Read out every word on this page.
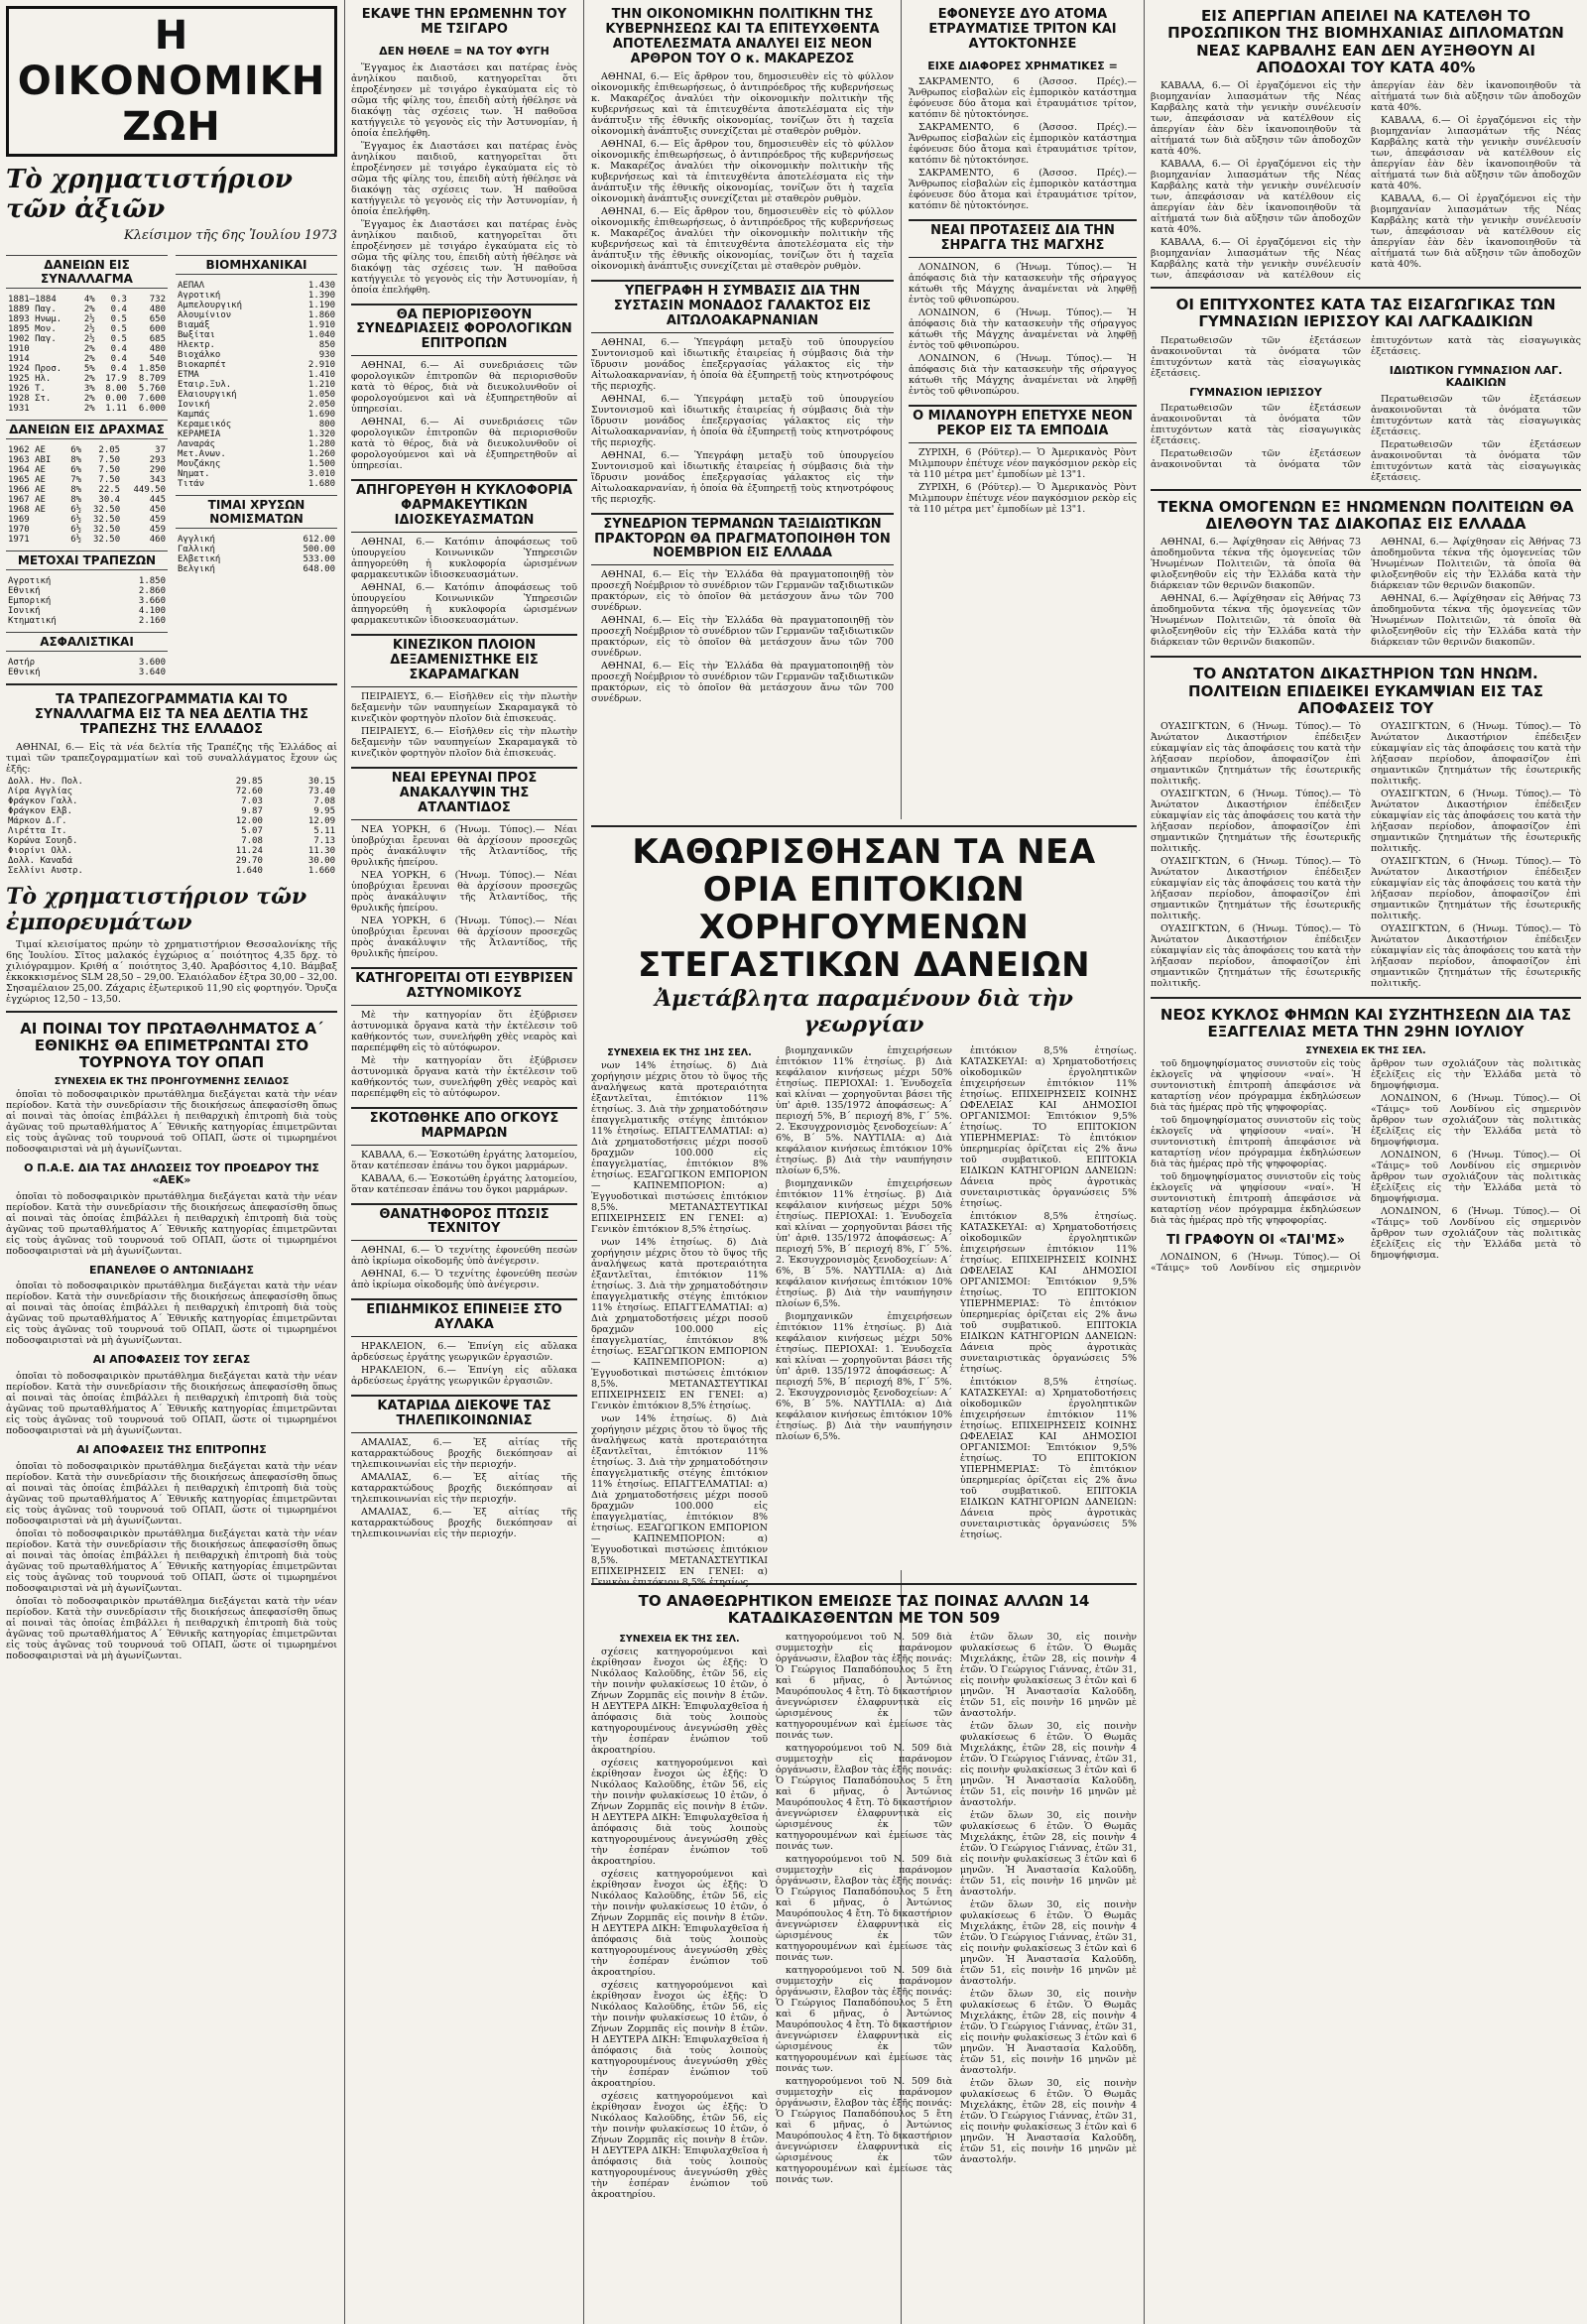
Η ΟΙΚΟΝΟΜΙΚΗ ΖΩΗ
Τὸ χρηματιστήριον τῶν ἀξιῶν
Κλείσιμον τῆς 6ης Ἰουλίου 1973
ΔΑΝΕΙΩΝ ΕΙΣ ΣΥΝΑΛΛΑΓΜΑ
1881—1884	4%	0.3	732
1889 Παγ.	2%	0.4	480
1893 Ηνωμ.	2½	0.5	650
1895 Μον.	2½	0.5	600
1902 Παγ.	2½	0.5	685
1910	2%	0.4	480
1914	2%	0.4	540
1924 Προσ.	5%	0.4	1.850
1925 Ηλ.	2%	17.9	8.709
1926 Τ.	3%	8.00	5.760
1928 Στ.	2%	0.00	7.600
1931	2%	1.11	6.000
ΔΑΝΕΙΩΝ ΕΙΣ ΔΡΑΧΜΑΣ
1962 ΑΕ	6%	2.05	37
1963 ΑΒΙ	8%	7.50	293
1964 ΑΕ	6%	7.50	290
1965 ΑΕ	7%	7.50	343
1966 ΑΕ	8%	22.5	449.50
1967 ΑΕ	8%	30.4	445
1968 ΑΕ	6½	32.50	450
1969	6½	32.50	459
1970	6½	32.50	459
1971	6½	32.50	460
ΜΕΤΟΧΑΙ ΤΡΑΠΕΖΩΝ
Αγροτική	1.850
Εθνική	2.860
Εμπορική	3.660
Ιονική	4.100
Κτηματική	2.160
ΑΣΦΑΛΙΣΤΙΚΑΙ
Αστήρ	3.600
Εθνική	3.640
ΒΙΟΜΗΧΑΝΙΚΑΙ
ΑΕΠΑΛ	1.430
Αγροτική	1.390
Αμπελουργική	1.190
Αλουμίνιον	1.860
Βιαμάξ	1.910
Βωξίται	1.040
Ηλεκτρ.	850
Βιοχάλκο	930
Βιοκαρπέτ	2.910
ΕΤΜΑ	1.410
Εταιρ.Ξυλ.	1.210
Ελαιουργική	1.050
Ιονική	2.050
Καμπάς	1.690
Κεραμεικός	800
ΚΕΡΑΜΕΙΑ	1.320
Λαναράς	1.280
Μετ.Ανων.	1.260
Μουζάκης	1.500
Νηματ.	3.010
Τιτάν	1.680
ΤΙΜΑΙ ΧΡΥΣΩΝ ΝΟΜΙΣΜΑΤΩΝ
Αγγλική	612.00
Γαλλική	500.00
Ελβετική	533.00
Βελγική	648.00
ΤΑ ΤΡΑΠΕΖΟΓΡΑΜΜΑΤΙΑ ΚΑΙ ΤΟ ΣΥΝΑΛΛΑΓΜΑ ΕΙΣ ΤΑ ΝΕΑ ΔΕΛΤΙΑ ΤΗΣ ΤΡΑΠΕΖΗΣ ΤΗΣ ΕΛΛΑΔΟΣ

ΑΘΗΝΑΙ, 6.— Εἰς τὰ νέα δελτία τῆς Τραπέζης τῆς Ἑλλάδος αἱ τιμαὶ τῶν τραπεζογραμματίων καὶ τοῦ συναλλάγματος ἔχουν ὡς ἑξῆς:

Δολλ. Ην. Πολ.	29.85	30.15
Λίρα Αγγλίας	72.60	73.40
Φράγκον Γαλλ.	7.03	7.08
Φράγκον Ελβ.	9.87	9.95
Μάρκον Δ.Γ.	12.00	12.09
Λιρέττα Ιτ.	5.07	5.11
Κορώνα Σουηδ.	7.08	7.13
Φιορίνι Ολλ.	11.24	11.30
Δολλ. Καναδά	29.70	30.00
Σελλίνι Αυστρ.	1.640	1.660
Τὸ χρηματιστήριον τῶν ἐμπορευμάτων

Τιμαί κλεισίματος πρώην τὸ χρηματιστήριον Θεσσαλονίκης τῆς 6ης Ἰουλίου. Σῖτος μαλακός ἐγχώριος α΄ ποιότητος 4,35 δρχ. τὸ χιλιόγραμμον. Κριθή α΄ ποιότητος 3,40. Ἀραβόσιτος 4,10. Βάμβαξ ἐκκοκκισμένος SLM 28,50 – 29,00. Ἐλαιόλαδον ἐξτρα 30,00 – 32,00. Σησαμέλαιον 25,00. Ζάχαρις ἐξωτερικοῦ 11,90 εἰς φορτηγόν. Ὄρυζα ἐγχώριος 12,50 – 13,50.

ΑΙ ΠΟΙΝΑΙ ΤΟΥ ΠΡΩΤΑΘΛΗΜΑΤΟΣ Α΄ ΕΘΝΙΚΗΣ ΘΑ ΕΠΙΜΕΤΡΩΝΤΑΙ ΣΤΟ ΤΟΥΡΝΟΥΑ ΤΟΥ ΟΠΑΠ
ΣΥΝΕΧΕΙΑ ΕΚ ΤΗΣ ΠΡΟΗΓΟΥΜΕΝΗΣ ΣΕΛΙΔΟΣ

ὁποῖαι τὸ ποδοσφαιρικὸν πρωτάθλημα διεξάγεται κατὰ τὴν νέαν περίοδον. Κατὰ τὴν συνεδρίασιν τῆς διοικήσεως ἀπεφασίσθη ὅπως αἱ ποιναὶ τὰς ὁποίας ἐπιβάλλει ἡ πειθαρχικὴ ἐπιτροπὴ διὰ τοὺς ἀγῶνας τοῦ πρωταθλήματος Α΄ Ἐθνικῆς κατηγορίας ἐπιμετρῶνται εἰς τοὺς ἀγῶνας τοῦ τουρνουά τοῦ ΟΠΑΠ, ὥστε οἱ τιμωρημένοι ποδοσφαιρισταὶ νὰ μὴ ἀγωνίζωνται.

Ο Π.Α.Ε. ΔΙΑ ΤΑΣ ΔΗΛΩΣΕΙΣ ΤΟΥ ΠΡΟΕΔΡΟΥ ΤΗΣ «ΑΕΚ»

ὁποῖαι τὸ ποδοσφαιρικὸν πρωτάθλημα διεξάγεται κατὰ τὴν νέαν περίοδον. Κατὰ τὴν συνεδρίασιν τῆς διοικήσεως ἀπεφασίσθη ὅπως αἱ ποιναὶ τὰς ὁποίας ἐπιβάλλει ἡ πειθαρχικὴ ἐπιτροπὴ διὰ τοὺς ἀγῶνας τοῦ πρωταθλήματος Α΄ Ἐθνικῆς κατηγορίας ἐπιμετρῶνται εἰς τοὺς ἀγῶνας τοῦ τουρνουά τοῦ ΟΠΑΠ, ὥστε οἱ τιμωρημένοι ποδοσφαιρισταὶ νὰ μὴ ἀγωνίζωνται.

ΕΠΑΝΕΛΘΕ Ο ΑΝΤΩΝΙΑΔΗΣ

ὁποῖαι τὸ ποδοσφαιρικὸν πρωτάθλημα διεξάγεται κατὰ τὴν νέαν περίοδον. Κατὰ τὴν συνεδρίασιν τῆς διοικήσεως ἀπεφασίσθη ὅπως αἱ ποιναὶ τὰς ὁποίας ἐπιβάλλει ἡ πειθαρχικὴ ἐπιτροπὴ διὰ τοὺς ἀγῶνας τοῦ πρωταθλήματος Α΄ Ἐθνικῆς κατηγορίας ἐπιμετρῶνται εἰς τοὺς ἀγῶνας τοῦ τουρνουά τοῦ ΟΠΑΠ, ὥστε οἱ τιμωρημένοι ποδοσφαιρισταὶ νὰ μὴ ἀγωνίζωνται.

ΑΙ ΑΠΟΦΑΣΕΙΣ ΤΟΥ ΣΕΓΑΣ

ὁποῖαι τὸ ποδοσφαιρικὸν πρωτάθλημα διεξάγεται κατὰ τὴν νέαν περίοδον. Κατὰ τὴν συνεδρίασιν τῆς διοικήσεως ἀπεφασίσθη ὅπως αἱ ποιναὶ τὰς ὁποίας ἐπιβάλλει ἡ πειθαρχικὴ ἐπιτροπὴ διὰ τοὺς ἀγῶνας τοῦ πρωταθλήματος Α΄ Ἐθνικῆς κατηγορίας ἐπιμετρῶνται εἰς τοὺς ἀγῶνας τοῦ τουρνουά τοῦ ΟΠΑΠ, ὥστε οἱ τιμωρημένοι ποδοσφαιρισταὶ νὰ μὴ ἀγωνίζωνται.

ΑΙ ΑΠΟΦΑΣΕΙΣ ΤΗΣ ΕΠΙΤΡΟΠΗΣ

ὁποῖαι τὸ ποδοσφαιρικὸν πρωτάθλημα διεξάγεται κατὰ τὴν νέαν περίοδον. Κατὰ τὴν συνεδρίασιν τῆς διοικήσεως ἀπεφασίσθη ὅπως αἱ ποιναὶ τὰς ὁποίας ἐπιβάλλει ἡ πειθαρχικὴ ἐπιτροπὴ διὰ τοὺς ἀγῶνας τοῦ πρωταθλήματος Α΄ Ἐθνικῆς κατηγορίας ἐπιμετρῶνται εἰς τοὺς ἀγῶνας τοῦ τουρνουά τοῦ ΟΠΑΠ, ὥστε οἱ τιμωρημένοι ποδοσφαιρισταὶ νὰ μὴ ἀγωνίζωνται.

ὁποῖαι τὸ ποδοσφαιρικὸν πρωτάθλημα διεξάγεται κατὰ τὴν νέαν περίοδον. Κατὰ τὴν συνεδρίασιν τῆς διοικήσεως ἀπεφασίσθη ὅπως αἱ ποιναὶ τὰς ὁποίας ἐπιβάλλει ἡ πειθαρχικὴ ἐπιτροπὴ διὰ τοὺς ἀγῶνας τοῦ πρωταθλήματος Α΄ Ἐθνικῆς κατηγορίας ἐπιμετρῶνται εἰς τοὺς ἀγῶνας τοῦ τουρνουά τοῦ ΟΠΑΠ, ὥστε οἱ τιμωρημένοι ποδοσφαιρισταὶ νὰ μὴ ἀγωνίζωνται.

ὁποῖαι τὸ ποδοσφαιρικὸν πρωτάθλημα διεξάγεται κατὰ τὴν νέαν περίοδον. Κατὰ τὴν συνεδρίασιν τῆς διοικήσεως ἀπεφασίσθη ὅπως αἱ ποιναὶ τὰς ὁποίας ἐπιβάλλει ἡ πειθαρχικὴ ἐπιτροπὴ διὰ τοὺς ἀγῶνας τοῦ πρωταθλήματος Α΄ Ἐθνικῆς κατηγορίας ἐπιμετρῶνται εἰς τοὺς ἀγῶνας τοῦ τουρνουά τοῦ ΟΠΑΠ, ὥστε οἱ τιμωρημένοι ποδοσφαιρισταὶ νὰ μὴ ἀγωνίζωνται.

ΕΚΑΨΕ ΤΗΝ ΕΡΩΜΕΝΗΝ ΤΟΥ ΜΕ ΤΣΙΓΑΡΟ
ΔΕΝ ΗΘΕΛΕ = ΝΑ ΤΟΥ ΦΥΓΗ

Ἕγγαμος ἐκ Διαστάσει και πατέρας ἑνὸς ἀνηλίκου παιδιοῦ, κατηγορεῖται ὅτι ἐπροξένησεν μὲ τσιγάρο ἐγκαύματα εἰς τὸ σῶμα τῆς φίλης του, ἐπειδὴ αὐτὴ ἠθέλησε νὰ διακόψῃ τὰς σχέσεις των. Ἡ παθοῦσα κατήγγειλε τὸ γεγονὸς εἰς τὴν Ἀστυνομίαν, ἡ ὁποία ἐπελήφθη.

Ἕγγαμος ἐκ Διαστάσει και πατέρας ἑνὸς ἀνηλίκου παιδιοῦ, κατηγορεῖται ὅτι ἐπροξένησεν μὲ τσιγάρο ἐγκαύματα εἰς τὸ σῶμα τῆς φίλης του, ἐπειδὴ αὐτὴ ἠθέλησε νὰ διακόψῃ τὰς σχέσεις των. Ἡ παθοῦσα κατήγγειλε τὸ γεγονὸς εἰς τὴν Ἀστυνομίαν, ἡ ὁποία ἐπελήφθη.

Ἕγγαμος ἐκ Διαστάσει και πατέρας ἑνὸς ἀνηλίκου παιδιοῦ, κατηγορεῖται ὅτι ἐπροξένησεν μὲ τσιγάρο ἐγκαύματα εἰς τὸ σῶμα τῆς φίλης του, ἐπειδὴ αὐτὴ ἠθέλησε νὰ διακόψῃ τὰς σχέσεις των. Ἡ παθοῦσα κατήγγειλε τὸ γεγονὸς εἰς τὴν Ἀστυνομίαν, ἡ ὁποία ἐπελήφθη.

ΘΑ ΠΕΡΙΟΡΙΣΘΟΥΝ ΣΥΝΕΔΡΙΑΣΕΙΣ ΦΟΡΟΛΟΓΙΚΩΝ ΕΠΙΤΡΟΠΩΝ

ΑΘΗΝΑΙ, 6.— Αἱ συνεδριάσεις τῶν φορολογικῶν ἐπιτροπῶν θὰ περιορισθοῦν κατὰ τὸ θέρος, διὰ νὰ διευκολυνθοῦν οἱ φορολογούμενοι καὶ νὰ ἐξυπηρετηθοῦν αἱ ὑπηρεσίαι.

ΑΘΗΝΑΙ, 6.— Αἱ συνεδριάσεις τῶν φορολογικῶν ἐπιτροπῶν θὰ περιορισθοῦν κατὰ τὸ θέρος, διὰ νὰ διευκολυνθοῦν οἱ φορολογούμενοι καὶ νὰ ἐξυπηρετηθοῦν αἱ ὑπηρεσίαι.

ΑΠΗΓΟΡΕΥΘΗ Η ΚΥΚΛΟΦΟΡΙΑ ΦΑΡΜΑΚΕΥΤΙΚΩΝ ΙΔΙΟΣΚΕΥΑΣΜΑΤΩΝ

ΑΘΗΝΑΙ, 6.— Κατόπιν ἀποφάσεως τοῦ ὑπουργείου Κοινωνικῶν Ὑπηρεσιῶν ἀπηγορεύθη ἡ κυκλοφορία ὡρισμένων φαρμακευτικῶν ἰδιοσκευασμάτων.

ΑΘΗΝΑΙ, 6.— Κατόπιν ἀποφάσεως τοῦ ὑπουργείου Κοινωνικῶν Ὑπηρεσιῶν ἀπηγορεύθη ἡ κυκλοφορία ὡρισμένων φαρμακευτικῶν ἰδιοσκευασμάτων.

ΚΙΝΕΖΙΚΟΝ ΠΛΟΙΟΝ ΔΕΞΑΜΕΝΙΣΤΗΚΕ ΕΙΣ ΣΚΑΡΑΜΑΓΚΑΝ

ΠΕΙΡΑΙΕΥΣ, 6.— Εἰσῆλθεν εἰς τὴν πλωτὴν δεξαμενὴν τῶν ναυπηγείων Σκαραμαγκᾶ τὸ κινεζικὸν φορτηγὸν πλοῖον διὰ ἐπισκευάς.

ΠΕΙΡΑΙΕΥΣ, 6.— Εἰσῆλθεν εἰς τὴν πλωτὴν δεξαμενὴν τῶν ναυπηγείων Σκαραμαγκᾶ τὸ κινεζικὸν φορτηγὸν πλοῖον διὰ ἐπισκευάς.

ΝΕΑΙ ΕΡΕΥΝΑΙ ΠΡΟΣ ΑΝΑΚΑΛΥΨΙΝ ΤΗΣ ΑΤΛΑΝΤΙΔΟΣ

ΝΕΑ ΥΟΡΚΗ, 6 (Ἠνωμ. Τύπος).— Νέαι ὑποβρύχιαι ἔρευναι θὰ ἀρχίσουν προσεχῶς πρὸς ἀνακάλυψιν τῆς Ἀτλαντίδος, τῆς θρυλικῆς ἠπείρου.

ΝΕΑ ΥΟΡΚΗ, 6 (Ἠνωμ. Τύπος).— Νέαι ὑποβρύχιαι ἔρευναι θὰ ἀρχίσουν προσεχῶς πρὸς ἀνακάλυψιν τῆς Ἀτλαντίδος, τῆς θρυλικῆς ἠπείρου.

ΝΕΑ ΥΟΡΚΗ, 6 (Ἠνωμ. Τύπος).— Νέαι ὑποβρύχιαι ἔρευναι θὰ ἀρχίσουν προσεχῶς πρὸς ἀνακάλυψιν τῆς Ἀτλαντίδος, τῆς θρυλικῆς ἠπείρου.

ΚΑΤΗΓΟΡΕΙΤΑΙ ΟΤΙ ΕΞΥΒΡΙΣΕΝ ΑΣΤΥΝΟΜΙΚΟΥΣ

Μὲ τὴν κατηγορίαν ὅτι ἐξύβρισεν ἀστυνομικὰ ὄργανα κατὰ τὴν ἐκτέλεσιν τοῦ καθήκοντός των, συνελήφθη χθὲς νεαρὸς καὶ παρεπέμφθη εἰς τὸ αὐτόφωρον.

Μὲ τὴν κατηγορίαν ὅτι ἐξύβρισεν ἀστυνομικὰ ὄργανα κατὰ τὴν ἐκτέλεσιν τοῦ καθήκοντός των, συνελήφθη χθὲς νεαρὸς καὶ παρεπέμφθη εἰς τὸ αὐτόφωρον.

ΣΚΟΤΩΘΗΚΕ ΑΠΟ ΟΓΚΟΥΣ ΜΑΡΜΑΡΩΝ

ΚΑΒΑΛΑ, 6.— Ἐσκοτώθη ἐργάτης λατομείου, ὅταν κατέπεσαν ἐπάνω του ὄγκοι μαρμάρων.

ΚΑΒΑΛΑ, 6.— Ἐσκοτώθη ἐργάτης λατομείου, ὅταν κατέπεσαν ἐπάνω του ὄγκοι μαρμάρων.

ΘΑΝΑΤΗΦΟΡΟΣ ΠΤΩΣΙΣ ΤΕΧΝΙΤΟΥ

ΑΘΗΝΑΙ, 6.— Ὁ τεχνίτης ἐφονεύθη πεσὼν ἀπὸ ἰκρίωμα οἰκοδομῆς ὑπὸ ἀνέγερσιν.

ΑΘΗΝΑΙ, 6.— Ὁ τεχνίτης ἐφονεύθη πεσὼν ἀπὸ ἰκρίωμα οἰκοδομῆς ὑπὸ ἀνέγερσιν.

ΕΠΙΔΗΜΙΚΟΣ ΕΠΙΝΕΙΞΕ ΣΤΟ ΑΥΛΑΚΑ

ΗΡΑΚΛΕΙΟΝ, 6.— Ἐπνίγη εἰς αὔλακα ἀρδεύσεως ἐργάτης γεωργικῶν ἐργασιῶν.

ΗΡΑΚΛΕΙΟΝ, 6.— Ἐπνίγη εἰς αὔλακα ἀρδεύσεως ἐργάτης γεωργικῶν ἐργασιῶν.

ΚΑΤΑΡΙΔΑ ΔΙΕΚΟΨΕ ΤΑΣ ΤΗΛΕΠΙΚΟΙΝΩΝΙΑΣ

ΑΜΑΛΙΑΣ, 6.— Ἐξ αἰτίας τῆς καταρρακτώδους βροχῆς διεκόπησαν αἱ τηλεπικοινωνίαι εἰς τὴν περιοχήν.

ΑΜΑΛΙΑΣ, 6.— Ἐξ αἰτίας τῆς καταρρακτώδους βροχῆς διεκόπησαν αἱ τηλεπικοινωνίαι εἰς τὴν περιοχήν.

ΑΜΑΛΙΑΣ, 6.— Ἐξ αἰτίας τῆς καταρρακτώδους βροχῆς διεκόπησαν αἱ τηλεπικοινωνίαι εἰς τὴν περιοχήν.

ΤΗΝ ΟΙΚΟΝΟΜΙΚΗΝ ΠΟΛΙΤΙΚΗΝ ΤΗΣ ΚΥΒΕΡΝΗΣΕΩΣ ΚΑΙ ΤΑ ΕΠΙΤΕΥΧΘΕΝΤΑ ΑΠΟΤΕΛΕΣΜΑΤΑ ΑΝΑΛΥΕΙ ΕΙΣ ΝΕΟΝ ΑΡΘΡΟΝ ΤΟΥ Ο κ. ΜΑΚΑΡΕΖΟΣ

ΑΘΗΝΑΙ, 6.— Εἰς ἄρθρον του, δημοσιευθὲν εἰς τὸ φύλλον οἰκονομικῆς ἐπιθεωρήσεως, ὁ ἀντιπρόεδρος τῆς κυβερνήσεως κ. Μακαρέζος ἀναλύει τὴν οἰκονομικὴν πολιτικὴν τῆς κυβερνήσεως καὶ τὰ ἐπιτευχθέντα ἀποτελέσματα εἰς τὴν ἀνάπτυξιν τῆς ἐθνικῆς οἰκονομίας, τονίζων ὅτι ἡ ταχεῖα οἰκονομικὴ ἀνάπτυξις συνεχίζεται μὲ σταθερὸν ρυθμὸν.

ΑΘΗΝΑΙ, 6.— Εἰς ἄρθρον του, δημοσιευθὲν εἰς τὸ φύλλον οἰκονομικῆς ἐπιθεωρήσεως, ὁ ἀντιπρόεδρος τῆς κυβερνήσεως κ. Μακαρέζος ἀναλύει τὴν οἰκονομικὴν πολιτικὴν τῆς κυβερνήσεως καὶ τὰ ἐπιτευχθέντα ἀποτελέσματα εἰς τὴν ἀνάπτυξιν τῆς ἐθνικῆς οἰκονομίας, τονίζων ὅτι ἡ ταχεῖα οἰκονομικὴ ἀνάπτυξις συνεχίζεται μὲ σταθερὸν ρυθμὸν.

ΑΘΗΝΑΙ, 6.— Εἰς ἄρθρον του, δημοσιευθὲν εἰς τὸ φύλλον οἰκονομικῆς ἐπιθεωρήσεως, ὁ ἀντιπρόεδρος τῆς κυβερνήσεως κ. Μακαρέζος ἀναλύει τὴν οἰκονομικὴν πολιτικὴν τῆς κυβερνήσεως καὶ τὰ ἐπιτευχθέντα ἀποτελέσματα εἰς τὴν ἀνάπτυξιν τῆς ἐθνικῆς οἰκονομίας, τονίζων ὅτι ἡ ταχεῖα οἰκονομικὴ ἀνάπτυξις συνεχίζεται μὲ σταθερὸν ρυθμὸν.

ΥΠΕΓΡΑΦΗ Η ΣΥΜΒΑΣΙΣ ΔΙΑ ΤΗΝ ΣΥΣΤΑΣΙΝ ΜΟΝΑΔΟΣ ΓΑΛΑΚΤΟΣ ΕΙΣ ΑΙΤΩΛΟΑΚΑΡΝΑΝΙΑΝ

ΑΘΗΝΑΙ, 6.— Ὑπεγράφη μεταξὺ τοῦ ὑπουργείου Συντονισμοῦ καὶ ἰδιωτικῆς ἑταιρείας ἡ σύμβασις διὰ τὴν ἵδρυσιν μονάδος ἐπεξεργασίας γάλακτος εἰς τὴν Αἰτωλοακαρνανίαν, ἡ ὁποία θὰ ἐξυπηρετῇ τοὺς κτηνοτρόφους τῆς περιοχῆς.

ΑΘΗΝΑΙ, 6.— Ὑπεγράφη μεταξὺ τοῦ ὑπουργείου Συντονισμοῦ καὶ ἰδιωτικῆς ἑταιρείας ἡ σύμβασις διὰ τὴν ἵδρυσιν μονάδος ἐπεξεργασίας γάλακτος εἰς τὴν Αἰτωλοακαρνανίαν, ἡ ὁποία θὰ ἐξυπηρετῇ τοὺς κτηνοτρόφους τῆς περιοχῆς.

ΑΘΗΝΑΙ, 6.— Ὑπεγράφη μεταξὺ τοῦ ὑπουργείου Συντονισμοῦ καὶ ἰδιωτικῆς ἑταιρείας ἡ σύμβασις διὰ τὴν ἵδρυσιν μονάδος ἐπεξεργασίας γάλακτος εἰς τὴν Αἰτωλοακαρνανίαν, ἡ ὁποία θὰ ἐξυπηρετῇ τοὺς κτηνοτρόφους τῆς περιοχῆς.

ΣΥΝΕΔΡΙΟΝ ΤΕΡΜΑΝΩΝ ΤΑΞΙΔΙΩΤΙΚΩΝ ΠΡΑΚΤΟΡΩΝ ΘΑ ΠΡΑΓΜΑΤΟΠΟΙΗΘΗ ΤΟΝ ΝΟΕΜΒΡΙΟΝ ΕΙΣ ΕΛΛΑΔΑ

ΑΘΗΝΑΙ, 6.— Εἰς τὴν Ἑλλάδα θὰ πραγματοποιηθῇ τὸν προσεχῆ Νοέμβριον τὸ συνέδριον τῶν Γερμανῶν ταξιδιωτικῶν πρακτόρων, εἰς τὸ ὁποῖον θὰ μετάσχουν ἄνω τῶν 700 συνέδρων.

ΑΘΗΝΑΙ, 6.— Εἰς τὴν Ἑλλάδα θὰ πραγματοποιηθῇ τὸν προσεχῆ Νοέμβριον τὸ συνέδριον τῶν Γερμανῶν ταξιδιωτικῶν πρακτόρων, εἰς τὸ ὁποῖον θὰ μετάσχουν ἄνω τῶν 700 συνέδρων.

ΑΘΗΝΑΙ, 6.— Εἰς τὴν Ἑλλάδα θὰ πραγματοποιηθῇ τὸν προσεχῆ Νοέμβριον τὸ συνέδριον τῶν Γερμανῶν ταξιδιωτικῶν πρακτόρων, εἰς τὸ ὁποῖον θὰ μετάσχουν ἄνω τῶν 700 συνέδρων.

ΕΦΟΝΕΥΣΕ ΔΥΟ ΑΤΟΜΑ ΕΤΡΑΥΜΑΤΙΣΕ ΤΡΙΤΟΝ ΚΑΙ ΑΥΤΟΚΤΟΝΗΣΕ
ΕΙΧΕ ΔΙΑΦΟΡΕΣ ΧΡΗΜΑΤΙΚΕΣ =

ΣΑΚΡΑΜΕΝΤΟ, 6 (Ἀσσοσ. Πρές).— Ἄνθρωπος εἰσβαλὼν εἰς ἐμπορικὸν κατάστημα ἐφόνευσε δύο ἄτομα καὶ ἐτραυμάτισε τρίτον, κατόπιν δὲ ηὐτοκτόνησε.

ΣΑΚΡΑΜΕΝΤΟ, 6 (Ἀσσοσ. Πρές).— Ἄνθρωπος εἰσβαλὼν εἰς ἐμπορικὸν κατάστημα ἐφόνευσε δύο ἄτομα καὶ ἐτραυμάτισε τρίτον, κατόπιν δὲ ηὐτοκτόνησε.

ΣΑΚΡΑΜΕΝΤΟ, 6 (Ἀσσοσ. Πρές).— Ἄνθρωπος εἰσβαλὼν εἰς ἐμπορικὸν κατάστημα ἐφόνευσε δύο ἄτομα καὶ ἐτραυμάτισε τρίτον, κατόπιν δὲ ηὐτοκτόνησε.

ΝΕΑΙ ΠΡΟΤΑΣΕΙΣ ΔΙΑ ΤΗΝ ΣΗΡΑΓΓΑ ΤΗΣ ΜΑΓΧΗΣ

ΛΟΝΔΙΝΟΝ, 6 (Ἠνωμ. Τύπος).— Ἡ ἀπόφασις διὰ τὴν κατασκευὴν τῆς σήραγγος κάτωθι τῆς Μάγχης ἀναμένεται νὰ ληφθῇ ἐντὸς τοῦ φθινοπώρου.

ΛΟΝΔΙΝΟΝ, 6 (Ἠνωμ. Τύπος).— Ἡ ἀπόφασις διὰ τὴν κατασκευὴν τῆς σήραγγος κάτωθι τῆς Μάγχης ἀναμένεται νὰ ληφθῇ ἐντὸς τοῦ φθινοπώρου.

ΛΟΝΔΙΝΟΝ, 6 (Ἠνωμ. Τύπος).— Ἡ ἀπόφασις διὰ τὴν κατασκευὴν τῆς σήραγγος κάτωθι τῆς Μάγχης ἀναμένεται νὰ ληφθῇ ἐντὸς τοῦ φθινοπώρου.

Ο ΜΙΛΑΝΟΥΡΗ ΕΠΕΤΥΧΕ ΝΕΟΝ ΡΕΚΟΡ ΕΙΣ ΤΑ ΕΜΠΟΔΙΑ

ΖΥΡΙΧΗ, 6 (Ρόϋτερ).— Ὁ Ἀμερικανὸς Ρὸντ Μιλμπουρν ἐπέτυχε νέον παγκόσμιον ρεκὸρ εἰς τὰ 110 μέτρα μετ' ἐμποδίων μὲ 13"1.

ΖΥΡΙΧΗ, 6 (Ρόϋτερ).— Ὁ Ἀμερικανὸς Ρὸντ Μιλμπουρν ἐπέτυχε νέον παγκόσμιον ρεκὸρ εἰς τὰ 110 μέτρα μετ' ἐμποδίων μὲ 13"1.

ΚΑΘΩΡΙΣΘΗΣΑΝ ΤΑ ΝΕΑ ΟΡΙΑ ΕΠΙΤΟΚΙΩΝ ΧΟΡΗΓΟΥΜΕΝΩΝ ΣΤΕΓΑΣΤΙΚΩΝ ΔΑΝΕΙΩΝ
Ἀμετάβλητα παραμένουν διὰ τὴν γεωργίαν
ΣΥΝΕΧΕΙΑ ΕΚ ΤΗΣ 1ΗΣ ΣΕΛ.

νων 14% ἐτησίως. δ) Διὰ χορήγησιν μέχρις ὅτου τὸ ὕψος τῆς ἀναλήψεως κατὰ προτεραιότητα ἐξαντλεῖται, ἐπιτόκιον 11% ἐτησίως. 3. Διὰ τὴν χρηματοδότησιν ἐπαγγελματικῆς στέγης ἐπιτόκιον 11% ἐτησίως. ΕΠΑΓΓΕΛΜΑΤΙΑΙ: α) Διὰ χρηματοδοτήσεις μέχρι ποσοῦ δραχμῶν 100.000 εἰς ἐπαγγελματίας, ἐπιτόκιον 8% ἐτησίως. ΕΞΑΓΩΓΙΚΟΝ ΕΜΠΟΡΙΟΝ — ΚΑΠΝΕΜΠΟΡΙΟΝ: α) Ἐγγυοδοτικαὶ πιστώσεις ἐπιτόκιον 8,5%. ΜΕΤΑΝΑΣΤΕΥΤΙΚΑΙ ΕΠΙΧΕΙΡΗΣΕΙΣ ΕΝ ΓΕΝΕΙ: α) Γενικὸν ἐπιτόκιον 8,5% ἐτησίως.

νων 14% ἐτησίως. δ) Διὰ χορήγησιν μέχρις ὅτου τὸ ὕψος τῆς ἀναλήψεως κατὰ προτεραιότητα ἐξαντλεῖται, ἐπιτόκιον 11% ἐτησίως. 3. Διὰ τὴν χρηματοδότησιν ἐπαγγελματικῆς στέγης ἐπιτόκιον 11% ἐτησίως. ΕΠΑΓΓΕΛΜΑΤΙΑΙ: α) Διὰ χρηματοδοτήσεις μέχρι ποσοῦ δραχμῶν 100.000 εἰς ἐπαγγελματίας, ἐπιτόκιον 8% ἐτησίως. ΕΞΑΓΩΓΙΚΟΝ ΕΜΠΟΡΙΟΝ — ΚΑΠΝΕΜΠΟΡΙΟΝ: α) Ἐγγυοδοτικαὶ πιστώσεις ἐπιτόκιον 8,5%. ΜΕΤΑΝΑΣΤΕΥΤΙΚΑΙ ΕΠΙΧΕΙΡΗΣΕΙΣ ΕΝ ΓΕΝΕΙ: α) Γενικὸν ἐπιτόκιον 8,5% ἐτησίως.

νων 14% ἐτησίως. δ) Διὰ χορήγησιν μέχρις ὅτου τὸ ὕψος τῆς ἀναλήψεως κατὰ προτεραιότητα ἐξαντλεῖται, ἐπιτόκιον 11% ἐτησίως. 3. Διὰ τὴν χρηματοδότησιν ἐπαγγελματικῆς στέγης ἐπιτόκιον 11% ἐτησίως. ΕΠΑΓΓΕΛΜΑΤΙΑΙ: α) Διὰ χρηματοδοτήσεις μέχρι ποσοῦ δραχμῶν 100.000 εἰς ἐπαγγελματίας, ἐπιτόκιον 8% ἐτησίως. ΕΞΑΓΩΓΙΚΟΝ ΕΜΠΟΡΙΟΝ — ΚΑΠΝΕΜΠΟΡΙΟΝ: α) Ἐγγυοδοτικαὶ πιστώσεις ἐπιτόκιον 8,5%. ΜΕΤΑΝΑΣΤΕΥΤΙΚΑΙ ΕΠΙΧΕΙΡΗΣΕΙΣ ΕΝ ΓΕΝΕΙ: α)

βιομηχανικῶν ἐπιχειρήσεων ἐπιτόκιον 11% ἐτησίως. β) Διὰ κεφάλαιον κινήσεως μέχρι 50% ἐτησίως. ΠΕΡΙΟΧΑΙ: 1. Ἐνυδοχεῖα καὶ κλίναι — χορηγοῦνται βάσει τῆς ὑπ' ἀριθ. 135/1972 ἀποφάσεως: Α΄ περιοχή 5%, Β΄ περιοχή 8%, Γ΄ 5%. 2. Ἐκσυγχρονισμὸς ξενοδοχείων: Α΄ 6%, Β΄ 5%. ΝΑΥΤΙΛΙΑ: α) Διὰ κεφάλαιον κινήσεως ἐπιτόκιον 10% ἐτησίως. β) Διὰ τὴν ναυπήγησιν πλοίων 6,5%.

βιομηχανικῶν ἐπιχειρήσεων ἐπιτόκιον 11% ἐτησίως. β) Διὰ κεφάλαιον κινήσεως μέχρι 50% ἐτησίως. ΠΕΡΙΟΧΑΙ: 1. Ἐνυδοχεῖα καὶ κλίναι — χορηγοῦνται βάσει τῆς ὑπ' ἀριθ. 135/1972 ἀποφάσεως: Α΄ περιοχή 5%, Β΄ περιοχή 8%, Γ΄ 5%. 2. Ἐκσυγχρονισμὸς ξενοδοχείων: Α΄ 6%, Β΄ 5%. ΝΑΥΤΙΛΙΑ: α) Διὰ κεφάλαιον κινήσεως ἐπιτόκιον 10% ἐτησίως. β) Διὰ τὴν ναυπήγησιν πλοίων 6,5%.

βιομηχανικῶν ἐπιχειρήσεων ἐπιτόκιον 11% ἐτησίως. β) Διὰ κεφάλαιον κινήσεως μέχρι 50% ἐτησίως. ΠΕΡΙΟΧΑΙ: 1. Ἐνυδοχεῖα καὶ κλίναι — χορηγοῦνται βάσει τῆς ὑπ' ἀριθ. 135/1972 ἀποφάσεως: Α΄ περιοχή 5%, Β΄ περιοχή 8%, Γ΄ 5%. 2. Ἐκσυγχρονισμὸς ξενοδοχείων: Α΄ 6%, Β΄ 5%. ΝΑΥΤΙΛΙΑ: α) Διὰ κεφάλαιον κινήσεως ἐπιτόκιον 10% ἐτησίως. β) Διὰ τὴν ναυπήγησιν πλοίων 6,5%.

ἐπιτόκιον 8,5% ἐτησίως. ΚΑΤΑΣΚΕΥΑΙ: α) Χρηματοδοτήσεις οἰκοδομικῶν ἐργοληπτικῶν ἐπιχειρήσεων ἐπιτόκιον 11% ἐτησίως. ΕΠΙΧΕΙΡΗΣΕΙΣ ΚΟΙΝΗΣ ΩΦΕΛΕΙΑΣ ΚΑΙ ΔΗΜΟΣΙΟΙ ΟΡΓΑΝΙΣΜΟΙ: Ἐπιτόκιον 9,5% ἐτησίως. ΤΟ ΕΠΙΤΟΚΙΟΝ ΥΠΕΡΗΜΕΡΙΑΣ: Τὸ ἐπιτόκιον ὑπερημερίας ὁρίζεται εἰς 2% ἄνω τοῦ συμβατικοῦ. ΕΠΙΤΟΚΙΑ ΕΙΔΙΚΩΝ ΚΑΤΗΓΟΡΙΩΝ ΔΑΝΕΙΩΝ: Δάνεια πρὸς ἀγροτικὰς συνεταιριστικὰς ὀργανώσεις 5% ἐτησίως.

ἐπιτόκιον 8,5% ἐτησίως. ΚΑΤΑΣΚΕΥΑΙ: α) Χρηματοδοτήσεις οἰκοδομικῶν ἐργοληπτικῶν ἐπιχειρήσεων ἐπιτόκιον 11% ἐτησίως. ΕΠΙΧΕΙΡΗΣΕΙΣ ΚΟΙΝΗΣ ΩΦΕΛΕΙΑΣ ΚΑΙ ΔΗΜΟΣΙΟΙ ΟΡΓΑΝΙΣΜΟΙ: Ἐπιτόκιον 9,5% ἐτησίως. ΤΟ ΕΠΙΤΟΚΙΟΝ ΥΠΕΡΗΜΕΡΙΑΣ: Τὸ ἐπιτόκιον ὑπερημερίας ὁρίζεται εἰς 2% ἄνω τοῦ συμβατικοῦ. ΕΠΙΤΟΚΙΑ ΕΙΔΙΚΩΝ ΚΑΤΗΓΟΡΙΩΝ ΔΑΝΕΙΩΝ: Δάνεια πρὸς ἀγροτικὰς συνεταιριστικὰς ὀργανώσεις 5% ἐτησίως.

ἐπιτόκιον 8,5% ἐτησίως. ΚΑΤΑΣΚΕΥΑΙ: α) Χρηματοδοτήσεις οἰκοδομικῶν ἐργοληπτικῶν ἐπιχειρήσεων ἐπιτόκιον 11% ἐτησίως. ΕΠΙΧΕΙΡΗΣΕΙΣ ΚΟΙΝΗΣ ΩΦΕΛΕΙΑΣ ΚΑΙ ΔΗΜΟΣΙΟΙ ΟΡΓΑΝΙΣΜΟΙ: Ἐπιτόκιον 9,5% ἐτησίως. ΤΟ ΕΠΙΤΟΚΙΟΝ ΥΠΕΡΗΜΕΡΙΑΣ: Τὸ ἐπιτόκιον ὑπερημερίας ὁρίζεται εἰς 2% ἄνω τοῦ συμβατικοῦ. ΕΠΙΤΟΚΙΑ ΕΙΔΙΚΩΝ ΚΑΤΗΓΟΡΙΩΝ ΔΑΝΕΙΩΝ: Δάνεια πρὸς ἀγροτικὰς συνεταιριστικὰς ὀργανώσεις 5% ἐτησίως.

ΤΟ ΑΝΑΘΕΩΡΗΤΙΚΟΝ ΕΜΕΙΩΣΕ ΤΑΣ ΠΟΙΝΑΣ ΑΛΛΩΝ 14 ΚΑΤΑΔΙΚΑΣΘΕΝΤΩΝ ΜΕ ΤΟΝ 509
ΣΥΝΕΧΕΙΑ ΕΚ ΤΗΣ ΣΕΛ.

σχέσεις κατηγορούμενοι καὶ ἐκρίθησαν ἔνοχοι ὡς ἑξῆς: Ὁ Νικόλαος Καλοῦδης, ἐτῶν 56, εἰς τὴν ποινὴν φυλακίσεως 10 ἐτῶν, ὁ Ζήνων Ζορμπᾶς εἰς ποινὴν 8 ἐτῶν. Η ΔΕΥΤΕΡΑ ΔΙΚΗ: Ἐπιφυλαχθεῖσα ἡ ἀπόφασις διὰ τοὺς λοιποὺς κατηγορουμένους ἀνεγνώσθη χθὲς τὴν ἑσπέραν ἐνώπιον τοῦ ἀκροατηρίου.

σχέσεις κατηγορούμενοι καὶ ἐκρίθησαν ἔνοχοι ὡς ἑξῆς: Ὁ Νικόλαος Καλοῦδης, ἐτῶν 56, εἰς τὴν ποινὴν φυλακίσεως 10 ἐτῶν, ὁ Ζήνων Ζορμπᾶς εἰς ποινὴν 8 ἐτῶν. Η ΔΕΥΤΕΡΑ ΔΙΚΗ: Ἐπιφυλαχθεῖσα ἡ ἀπόφασις διὰ τοὺς λοιποὺς κατηγορουμένους ἀνεγνώσθη χθὲς τὴν ἑσπέραν ἐνώπιον τοῦ ἀκροατηρίου.

σχέσεις κατηγορούμενοι καὶ ἐκρίθησαν ἔνοχοι ὡς ἑξῆς: Ὁ Νικόλαος Καλοῦδης, ἐτῶν 56, εἰς τὴν ποινὴν φυλακίσεως 10 ἐτῶν, ὁ Ζήνων Ζορμπᾶς εἰς ποινὴν 8 ἐτῶν. Η ΔΕΥΤΕΡΑ ΔΙΚΗ: Ἐπιφυλαχθεῖσα ἡ ἀπόφασις διὰ τοὺς λοιποὺς κατηγορουμένους ἀνεγνώσθη χθὲς τὴν ἑσπέραν ἐνώπιον τοῦ ἀκροατηρίου.

σχέσεις κατηγορούμενοι καὶ ἐκρίθησαν ἔνοχοι ὡς ἑξῆς: Ὁ Νικόλαος Καλοῦδης, ἐτῶν 56, εἰς τὴν ποινὴν φυλακίσεως 10 ἐτῶν, ὁ Ζήνων Ζορμπᾶς εἰς ποινὴν 8 ἐτῶν. Η ΔΕΥΤΕΡΑ ΔΙΚΗ: Ἐπιφυλαχθεῖσα ἡ ἀπόφασις διὰ τοὺς λοιποὺς κατηγορουμένους ἀνεγνώσθη χθὲς τὴν ἑσπέραν ἐνώπιον τοῦ ἀκροατηρίου.

σχέσεις κατηγορούμενοι καὶ ἐκρίθησαν ἔνοχοι ὡς ἑξῆς: Ὁ Νικόλαος Καλοῦδης, ἐτῶν 56, εἰς τὴν ποινὴν φυλακίσεως 10 ἐτῶν, ὁ Ζήνων Ζορμπᾶς εἰς ποινὴν 8 ἐτῶν. Η ΔΕΥΤΕΡΑ ΔΙΚΗ: Ἐπιφυλαχθεῖσα ἡ ἀπόφασις διὰ τοὺς λοιποὺς κατηγορουμένους ἀνεγνώσθη χθὲς τὴν ἑσπέραν ἐνώπιον τοῦ ἀκροατηρίου.

κατηγορούμενοι τοῦ Ν. 509 διὰ συμμετοχὴν εἰς παράνομον ὀργάνωσιν, ἔλαβον τὰς ἑξῆς ποινάς: Ὁ Γεώργιος Παπαδόπουλος 5 ἔτη καὶ 6 μῆνας, ὁ Ἀντώνιος Μαυρόπουλος 4 ἔτη. Τὸ δικαστήριον ἀνεγνώρισεν ἐλαφρυντικὰ εἰς ὡρισμένους ἐκ τῶν κατηγορουμένων καὶ ἐμείωσε τὰς ποινάς των.

κατηγορούμενοι τοῦ Ν. 509 διὰ συμμετοχὴν εἰς παράνομον ὀργάνωσιν, ἔλαβον τὰς ἑξῆς ποινάς: Ὁ Γεώργιος Παπαδόπουλος 5 ἔτη καὶ 6 μῆνας, ὁ Ἀντώνιος Μαυρόπουλος 4 ἔτη. Τὸ δικαστήριον ἀνεγνώρισεν ἐλαφρυντικὰ εἰς ὡρισμένους ἐκ τῶν κατηγορουμένων καὶ ἐμείωσε τὰς ποινάς των.

κατηγορούμενοι τοῦ Ν. 509 διὰ συμμετοχὴν εἰς παράνομον ὀργάνωσιν, ἔλαβον τὰς ἑξῆς ποινάς: Ὁ Γεώργιος Παπαδόπουλος 5 ἔτη καὶ 6 μῆνας, ὁ Ἀντώνιος Μαυρόπουλος 4 ἔτη. Τὸ δικαστήριον ἀνεγνώρισεν ἐλαφρυντικὰ εἰς ὡρισμένους ἐκ τῶν κατηγορουμένων καὶ ἐμείωσε τὰς ποινάς των.

κατηγορούμενοι τοῦ Ν. 509 διὰ συμμετοχὴν εἰς παράνομον ὀργάνωσιν, ἔλαβον τὰς ἑξῆς ποινάς: Ὁ Γεώργιος Παπαδόπουλος 5 ἔτη καὶ 6 μῆνας, ὁ Ἀντώνιος Μαυρόπουλος 4 ἔτη. Τὸ δικαστήριον ἀνεγνώρισεν ἐλαφρυντικὰ εἰς ὡρισμένους ἐκ τῶν κατηγορουμένων καὶ ἐμείωσε τὰς ποινάς των.

κατηγορούμενοι τοῦ Ν. 509 διὰ συμμετοχὴν εἰς παράνομον ὀργάνωσιν, ἔλαβον τὰς ἑξῆς ποινάς: Ὁ Γεώργιος Παπαδόπουλος 5 ἔτη καὶ 6 μῆνας, ὁ Ἀντώνιος Μαυρόπουλος 4 ἔτη. Τὸ δικαστήριον ἀνεγνώρισεν ἐλαφρυντικὰ εἰς ὡρισμένους ἐκ τῶν κατηγορουμένων καὶ ἐμείωσε τὰς ποινάς των.

ἐτῶν ὅλων 30, εἰς ποινὴν φυλακίσεως 6 ἐτῶν. Ὁ Θωμᾶς Μιχελάκης, ἐτῶν 28, εἰς ποινὴν 4 ἐτῶν. Ὁ Γεώργιος Γιάννας, ἐτῶν 31, εἰς ποινὴν φυλακίσεως 3 ἐτῶν καὶ 6 μηνῶν. Ἡ Ἀναστασία Καλοῦδη, ἐτῶν 51, εἰς ποινὴν 16 μηνῶν μὲ ἀναστολήν.

ἐτῶν ὅλων 30, εἰς ποινὴν φυλακίσεως 6 ἐτῶν. Ὁ Θωμᾶς Μιχελάκης, ἐτῶν 28, εἰς ποινὴν 4 ἐτῶν. Ὁ Γεώργιος Γιάννας, ἐτῶν 31, εἰς ποινὴν φυλακίσεως 3 ἐτῶν καὶ 6 μηνῶν. Ἡ Ἀναστασία Καλοῦδη, ἐτῶν 51, εἰς ποινὴν 16 μηνῶν μὲ ἀναστολήν.

ἐτῶν ὅλων 30, εἰς ποινὴν φυλακίσεως 6 ἐτῶν. Ὁ Θωμᾶς Μιχελάκης, ἐτῶν 28, εἰς ποινὴν 4 ἐτῶν. Ὁ Γεώργιος Γιάννας, ἐτῶν 31, εἰς ποινὴν φυλακίσεως 3 ἐτῶν καὶ 6 μηνῶν. Ἡ Ἀναστασία Καλοῦδη, ἐτῶν 51, εἰς ποινὴν 16 μηνῶν μὲ ἀναστολήν.

ἐτῶν ὅλων 30, εἰς ποινὴν φυλακίσεως 6 ἐτῶν. Ὁ Θωμᾶς Μιχελάκης, ἐτῶν 28, εἰς ποινὴν 4 ἐτῶν. Ὁ Γεώργιος Γιάννας, ἐτῶν 31, εἰς ποινὴν φυλακίσεως 3 ἐτῶν καὶ 6 μηνῶν. Ἡ Ἀναστασία Καλοῦδη, ἐτῶν 51, εἰς ποινὴν 16 μηνῶν μὲ ἀναστολήν.

ἐτῶν ὅλων 30, εἰς ποινὴν φυλακίσεως 6 ἐτῶν. Ὁ Θωμᾶς Μιχελάκης, ἐτῶν 28, εἰς ποινὴν 4 ἐτῶν. Ὁ Γεώργιος Γιάννας, ἐτῶν 31, εἰς ποινὴν φυλακίσεως 3 ἐτῶν καὶ 6 μηνῶν. Ἡ Ἀναστασία Καλοῦδη, ἐτῶν 51, εἰς ποινὴν 16 μηνῶν μὲ ἀναστολήν.

ἐτῶν ὅλων 30, εἰς ποινὴν φυλακίσεως 6 ἐτῶν. Ὁ Θωμᾶς Μιχελάκης, ἐτῶν 28, εἰς ποινὴν 4 ἐτῶν. Ὁ Γεώργιος Γιάννας, ἐτῶν 31, εἰς ποινὴν φυλακίσεως 3 ἐτῶν καὶ 6 μηνῶν. Ἡ Ἀναστασία Καλοῦδη, ἐτῶν 51, εἰς ποινὴν 16 μηνῶν μὲ ἀναστολήν.

ΕΙΣ ΑΠΕΡΓΙΑΝ ΑΠΕΙΛΕΙ ΝΑ ΚΑΤΕΛΘΗ ΤΟ ΠΡΟΣΩΠΙΚΟΝ ΤΗΣ ΒΙΟΜΗΧΑΝΙΑΣ ΔΙΠΛΟΜΑΤΩΝ ΝΕΑΣ ΚΑΡΒΑΛΗΣ ΕΑΝ ΔΕΝ ΑΥΞΗΘΟΥΝ ΑΙ ΑΠΟΔΟΧΑΙ ΤΟΥ ΚΑΤΑ 40%

ΚΑΒΑΛΑ, 6.— Οἱ ἐργαζόμενοι εἰς τὴν βιομηχανίαν λιπασμάτων τῆς Νέας Καρβάλης κατὰ τὴν γενικὴν συνέλευσίν των, ἀπεφάσισαν νὰ κατέλθουν εἰς ἀπεργίαν ἐὰν δὲν ἱκανοποιηθοῦν τὰ αἰτήματά των διὰ αὔξησιν τῶν ἀποδοχῶν κατὰ 40%.

ΚΑΒΑΛΑ, 6.— Οἱ ἐργαζόμενοι εἰς τὴν βιομηχανίαν λιπασμάτων τῆς Νέας Καρβάλης κατὰ τὴν γενικὴν συνέλευσίν των, ἀπεφάσισαν νὰ κατέλθουν εἰς ἀπεργίαν ἐὰν δὲν ἱκανοποιηθοῦν τὰ αἰτήματά των διὰ αὔξησιν τῶν ἀποδοχῶν κατὰ 40%.

ΚΑΒΑΛΑ, 6.— Οἱ ἐργαζόμενοι εἰς τὴν βιομηχανίαν λιπασμάτων τῆς Νέας Καρβάλης κατὰ τὴν γενικὴν συνέλευσίν των, ἀπεφάσισαν νὰ κατέλθουν εἰς ἀπεργίαν ἐὰν δὲν ἱκανοποιηθοῦν τὰ αἰτήματά των διὰ αὔξησιν τῶν ἀποδοχῶν κατὰ 40%.

ΚΑΒΑΛΑ, 6.— Οἱ ἐργαζόμενοι εἰς τὴν βιομηχανίαν λιπασμάτων τῆς Νέας Καρβάλης κατὰ τὴν γενικὴν συνέλευσίν των, ἀπεφάσισαν νὰ κατέλθουν εἰς ἀπεργίαν ἐὰν δὲν ἱκανοποιηθοῦν τὰ αἰτήματά των διὰ αὔξησιν τῶν ἀποδοχῶν κατὰ 40%.

ΚΑΒΑΛΑ, 6.— Οἱ ἐργαζόμενοι εἰς τὴν βιομηχανίαν λιπασμάτων τῆς Νέας Καρβάλης κατὰ τὴν γενικὴν συνέλευσίν των, ἀπεφάσισαν νὰ κατέλθουν εἰς ἀπεργίαν ἐὰν δὲν ἱκανοποιηθοῦν τὰ αἰτήματά των διὰ αὔξησιν τῶν ἀποδοχῶν κατὰ 40%.

ΟΙ ΕΠΙΤΥΧΟΝΤΕΣ ΚΑΤΑ ΤΑΣ ΕΙΣΑΓΩΓΙΚΑΣ ΤΩΝ ΓΥΜΝΑΣΙΩΝ ΙΕΡΙΣΣΟΥ ΚΑΙ ΛΑΓΚΑΔΙΚΙΩΝ

Περατωθεισῶν τῶν ἐξετάσεων ἀνακοινοῦνται τὰ ὀνόματα τῶν ἐπιτυχόντων κατὰ τὰς εἰσαγωγικὰς ἐξετάσεις.

ΓΥΜΝΑΣΙΟΝ ΙΕΡΙΣΣΟΥ

Περατωθεισῶν τῶν ἐξετάσεων ἀνακοινοῦνται τὰ ὀνόματα τῶν ἐπιτυχόντων κατὰ τὰς εἰσαγωγικὰς ἐξετάσεις.

Περατωθεισῶν τῶν ἐξετάσεων ἀνακοινοῦνται τὰ ὀνόματα τῶν ἐπιτυχόντων κατὰ τὰς εἰσαγωγικὰς ἐξετάσεις.

ΙΔΙΩΤΙΚΟΝ ΓΥΜΝΑΣΙΟΝ ΛΑΓ. ΚΑΔΙΚΙΩΝ

Περατωθεισῶν τῶν ἐξετάσεων ἀνακοινοῦνται τὰ ὀνόματα τῶν ἐπιτυχόντων κατὰ τὰς εἰσαγωγικὰς ἐξετάσεις.

Περατωθεισῶν τῶν ἐξετάσεων ἀνακοινοῦνται τὰ ὀνόματα τῶν ἐπιτυχόντων κατὰ τὰς εἰσαγωγικὰς ἐξετάσεις.

ΤΕΚΝΑ ΟΜΟΓΕΝΩΝ ΕΞ ΗΝΩΜΕΝΩΝ ΠΟΛΙΤΕΙΩΝ ΘΑ ΔΙΕΛΘΟΥΝ ΤΑΣ ΔΙΑΚΟΠΑΣ ΕΙΣ ΕΛΛΑΔΑ

ΑΘΗΝΑΙ, 6.— Ἀφίχθησαν εἰς Ἀθήνας 73 ἀποδημοῦντα τέκνα τῆς ὁμογενείας τῶν Ἠνωμένων Πολιτειῶν, τὰ ὁποῖα θὰ φιλοξενηθοῦν εἰς τὴν Ἑλλάδα κατὰ τὴν διάρκειαν τῶν θερινῶν διακοπῶν.

ΑΘΗΝΑΙ, 6.— Ἀφίχθησαν εἰς Ἀθήνας 73 ἀποδημοῦντα τέκνα τῆς ὁμογενείας τῶν Ἠνωμένων Πολιτειῶν, τὰ ὁποῖα θὰ φιλοξενηθοῦν εἰς τὴν Ἑλλάδα κατὰ τὴν διάρκειαν τῶν θερινῶν διακοπῶν.

ΑΘΗΝΑΙ, 6.— Ἀφίχθησαν εἰς Ἀθήνας 73 ἀποδημοῦντα τέκνα τῆς ὁμογενείας τῶν Ἠνωμένων Πολιτειῶν, τὰ ὁποῖα θὰ φιλοξενηθοῦν εἰς τὴν Ἑλλάδα κατὰ τὴν διάρκειαν τῶν θερινῶν διακοπῶν.

ΑΘΗΝΑΙ, 6.— Ἀφίχθησαν εἰς Ἀθήνας 73 ἀποδημοῦντα τέκνα τῆς ὁμογενείας τῶν Ἠνωμένων Πολιτειῶν, τὰ ὁποῖα θὰ φιλοξενηθοῦν εἰς τὴν Ἑλλάδα κατὰ τὴν διάρκειαν τῶν θερινῶν διακοπῶν.

ΤΟ ΑΝΩΤΑΤΟΝ ΔΙΚΑΣΤΗΡΙΟΝ ΤΩΝ ΗΝΩΜ. ΠΟΛΙΤΕΙΩΝ ΕΠΙΔΕΙΚΕΙ ΕΥΚΑΜΨΙΑΝ ΕΙΣ ΤΑΣ ΑΠΟΦΑΣΕΙΣ ΤΟΥ

ΟΥΑΣΙΓΚΤΩΝ, 6 (Ἠνωμ. Τύπος).— Τὸ Ἀνώτατον Δικαστήριον ἐπέδειξεν εὐκαμψίαν εἰς τὰς ἀποφάσεις του κατὰ τὴν λήξασαν περίοδον, ἀποφασίζον ἐπὶ σημαντικῶν ζητημάτων τῆς ἐσωτερικῆς πολιτικῆς.

ΟΥΑΣΙΓΚΤΩΝ, 6 (Ἠνωμ. Τύπος).— Τὸ Ἀνώτατον Δικαστήριον ἐπέδειξεν εὐκαμψίαν εἰς τὰς ἀποφάσεις του κατὰ τὴν λήξασαν περίοδον, ἀποφασίζον ἐπὶ σημαντικῶν ζητημάτων τῆς ἐσωτερικῆς πολιτικῆς.

ΟΥΑΣΙΓΚΤΩΝ, 6 (Ἠνωμ. Τύπος).— Τὸ Ἀνώτατον Δικαστήριον ἐπέδειξεν εὐκαμψίαν εἰς τὰς ἀποφάσεις του κατὰ τὴν λήξασαν περίοδον, ἀποφασίζον ἐπὶ σημαντικῶν ζητημάτων τῆς ἐσωτερικῆς πολιτικῆς.

ΟΥΑΣΙΓΚΤΩΝ, 6 (Ἠνωμ. Τύπος).— Τὸ Ἀνώτατον Δικαστήριον ἐπέδειξεν εὐκαμψίαν εἰς τὰς ἀποφάσεις του κατὰ τὴν λήξασαν περίοδον, ἀποφασίζον ἐπὶ σημαντικῶν ζητημάτων τῆς ἐσωτερικῆς πολιτικῆς.

ΟΥΑΣΙΓΚΤΩΝ, 6 (Ἠνωμ. Τύπος).— Τὸ Ἀνώτατον Δικαστήριον ἐπέδειξεν εὐκαμψίαν εἰς τὰς ἀποφάσεις του κατὰ τὴν λήξασαν περίοδον, ἀποφασίζον ἐπὶ σημαντικῶν ζητημάτων τῆς ἐσωτερικῆς πολιτικῆς.

ΟΥΑΣΙΓΚΤΩΝ, 6 (Ἠνωμ. Τύπος).— Τὸ Ἀνώτατον Δικαστήριον ἐπέδειξεν εὐκαμψίαν εἰς τὰς ἀποφάσεις του κατὰ τὴν λήξασαν περίοδον, ἀποφασίζον ἐπὶ σημαντικῶν ζητημάτων τῆς ἐσωτερικῆς πολιτικῆς.

ΟΥΑΣΙΓΚΤΩΝ, 6 (Ἠνωμ. Τύπος).— Τὸ Ἀνώτατον Δικαστήριον ἐπέδειξεν εὐκαμψίαν εἰς τὰς ἀποφάσεις του κατὰ τὴν λήξασαν περίοδον, ἀποφασίζον ἐπὶ σημαντικῶν ζητημάτων τῆς ἐσωτερικῆς πολιτικῆς.

ΟΥΑΣΙΓΚΤΩΝ, 6 (Ἠνωμ. Τύπος).— Τὸ Ἀνώτατον Δικαστήριον ἐπέδειξεν εὐκαμψίαν εἰς τὰς ἀποφάσεις του κατὰ τὴν λήξασαν περίοδον, ἀποφασίζον ἐπὶ σημαντικῶν ζητημάτων τῆς ἐσωτερικῆς πολιτικῆς.

ΝΕΟΣ ΚΥΚΛΟΣ ΦΗΜΩΝ ΚΑΙ ΣΥΖΗΤΗΣΕΩΝ ΔΙΑ ΤΑΣ ΕΞΑΓΓΕΛΙΑΣ ΜΕΤΑ ΤΗΝ 29ΗΝ ΙΟΥΛΙΟΥ
ΣΥΝΕΧΕΙΑ ΕΚ ΤΗΣ ΣΕΛ.

τοῦ δημοψηφίσματος συνιστοῦν εἰς τοὺς ἐκλογεῖς νὰ ψηφίσουν «ναί». Ἡ συντονιστικὴ ἐπιτροπὴ ἀπεφάσισε νὰ καταρτίσῃ νέον πρόγραμμα ἐκδηλώσεων διὰ τὰς ἡμέρας πρὸ τῆς ψηφοφορίας.

τοῦ δημοψηφίσματος συνιστοῦν εἰς τοὺς ἐκλογεῖς νὰ ψηφίσουν «ναί». Ἡ συντονιστικὴ ἐπιτροπὴ ἀπεφάσισε νὰ καταρτίσῃ νέον πρόγραμμα ἐκδηλώσεων διὰ τὰς ἡμέρας πρὸ τῆς ψηφοφορίας.

τοῦ δημοψηφίσματος συνιστοῦν εἰς τοὺς ἐκλογεῖς νὰ ψηφίσουν «ναί». Ἡ συντονιστικὴ ἐπιτροπὴ ἀπεφάσισε νὰ καταρτίσῃ νέον πρόγραμμα ἐκδηλώσεων διὰ τὰς ἡμέρας πρὸ τῆς ψηφοφορίας.

ΤΙ ΓΡΑΦΟΥΝ ΟΙ «ΤΑΙ'ΜΣ»

ΛΟΝΔΙΝΟΝ, 6 (Ἠνωμ. Τύπος).— Οἱ «Τάιμς» τοῦ Λονδίνου εἰς σημερινὸν ἄρθρον των σχολιάζουν τὰς πολιτικὰς ἐξελίξεις εἰς τὴν Ἑλλάδα μετὰ τὸ δημοψήφισμα.

ΛΟΝΔΙΝΟΝ, 6 (Ἠνωμ. Τύπος).— Οἱ «Τάιμς» τοῦ Λονδίνου εἰς σημερινὸν ἄρθρον των σχολιάζουν τὰς πολιτικὰς ἐξελίξεις εἰς τὴν Ἑλλάδα μετὰ τὸ δημοψήφισμα.

ΛΟΝΔΙΝΟΝ, 6 (Ἠνωμ. Τύπος).— Οἱ «Τάιμς» τοῦ Λονδίνου εἰς σημερινὸν ἄρθρον των σχολιάζουν τὰς πολιτικὰς ἐξελίξεις εἰς τὴν Ἑλλάδα μετὰ τὸ δημοψήφισμα.

ΛΟΝΔΙΝΟΝ, 6 (Ἠνωμ. Τύπος).— Οἱ «Τάιμς» τοῦ Λονδίνου εἰς σημερινὸν ἄρθρον των σχολιάζουν τὰς πολιτικὰς ἐξελίξεις εἰς τὴν Ἑλλάδα μετὰ τὸ δημοψήφισμα.
